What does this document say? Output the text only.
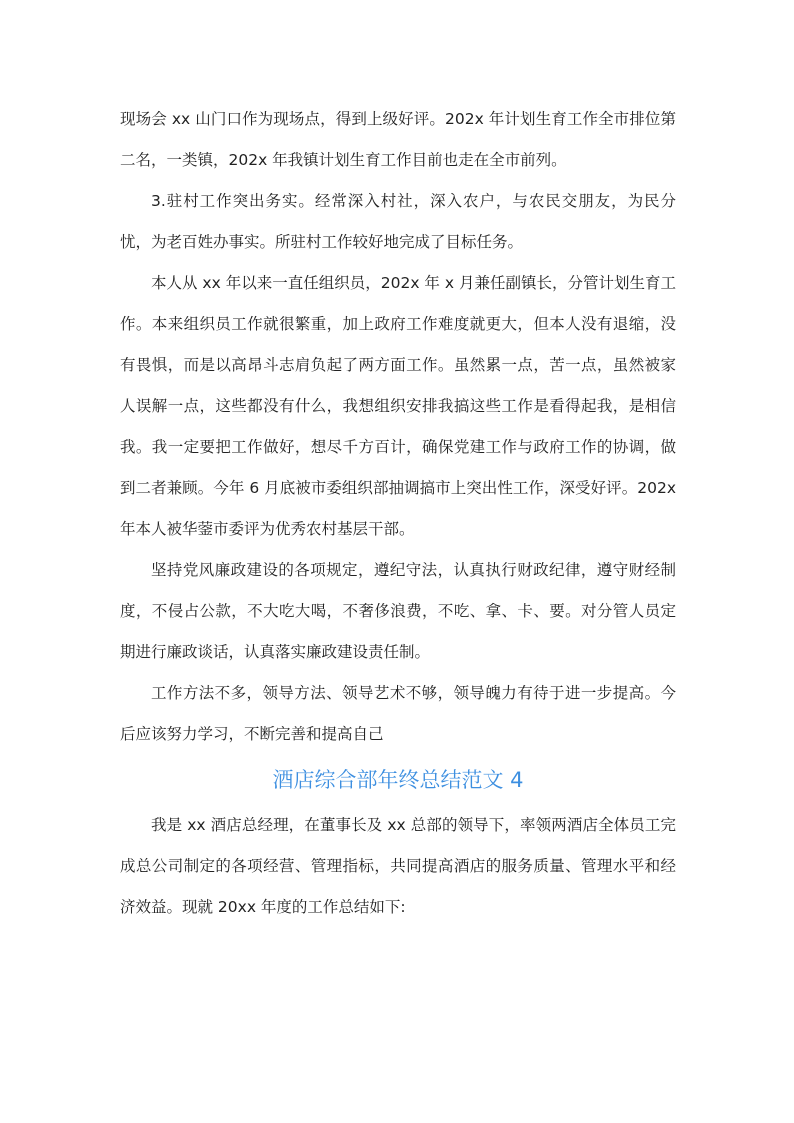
现场会 xx 山门口作为现场点，得到上级好评。202x 年计划生育工作全市排位第二名，一类镇，202x 年我镇计划生育工作目前也走在全市前列。

3.驻村工作突出务实。经常深入村社，深入农户，与农民交朋友，为民分忧，为老百姓办事实。所驻村工作较好地完成了目标任务。

本人从 xx 年以来一直任组织员，202x 年 x 月兼任副镇长，分管计划生育工作。本来组织员工作就很繁重，加上政府工作难度就更大，但本人没有退缩，没有畏惧，而是以高昂斗志肩负起了两方面工作。虽然累一点，苦一点，虽然被家人误解一点，这些都没有什么，我想组织安排我搞这些工作是看得起我，是相信我。我一定要把工作做好，想尽千方百计，确保党建工作与政府工作的协调，做到二者兼顾。今年 6 月底被市委组织部抽调搞市上突出性工作，深受好评。202x 年本人被华蓥市委评为优秀农村基层干部。

坚持党风廉政建设的各项规定，遵纪守法，认真执行财政纪律，遵守财经制度，不侵占公款，不大吃大喝，不奢侈浪费，不吃、拿、卡、要。对分管人员定期进行廉政谈话，认真落实廉政建设责任制。

工作方法不多，领导方法、领导艺术不够，领导魄力有待于进一步提高。今后应该努力学习，不断完善和提高自己

酒店综合部年终总结范文 4

我是 xx 酒店总经理，在董事长及 xx 总部的领导下，率领两酒店全体员工完成总公司制定的各项经营、管理指标，共同提高酒店的服务质量、管理水平和经济效益。现就 20xx 年度的工作总结如下:
